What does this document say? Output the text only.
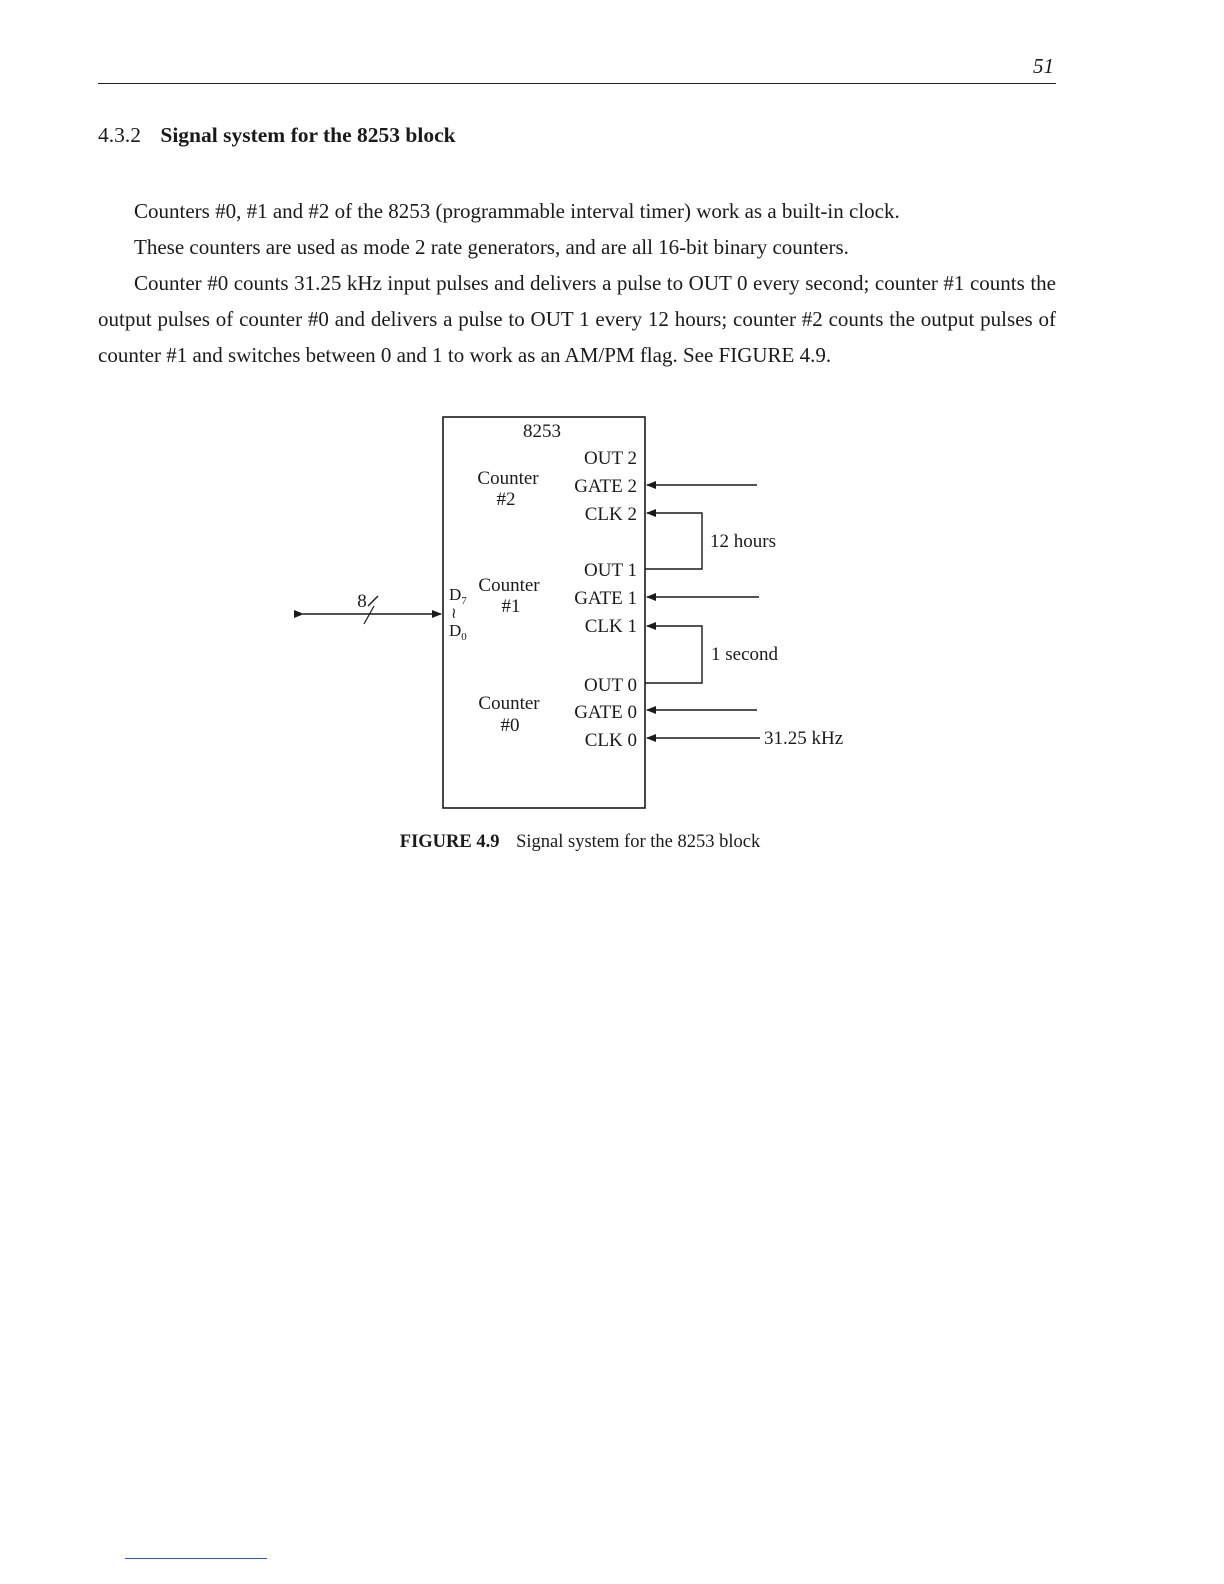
51
4.3.2 Signal system for the 8253 block

Counters #0, #1 and #2 of the 8253 (programmable interval timer) work as a built-in clock.

These counters are used as mode 2 rate generators, and are all 16-bit binary counters.

Counter #0 counts 31.25 kHz input pulses and delivers a pulse to OUT 0 every second; counter #1 counts the output pulses of counter #0 and delivers a pulse to OUT 1 every 12 hours; counter #2 counts the output pulses of counter #1 and switches between 0 and 1 to work as an AM/PM flag. See FIGURE 4.9.

8253
Counter
#2
OUT 2
GATE 2
CLK 2
Counter
#1
OUT 1
GATE 1
CLK 1
Counter
#0
OUT 0
GATE 0
CLK 0
$D_7$
≀
$D_0$
8
31.25 kHz
12 hours
1 second
FIGURE 4.9 Signal system for the 8253 block
